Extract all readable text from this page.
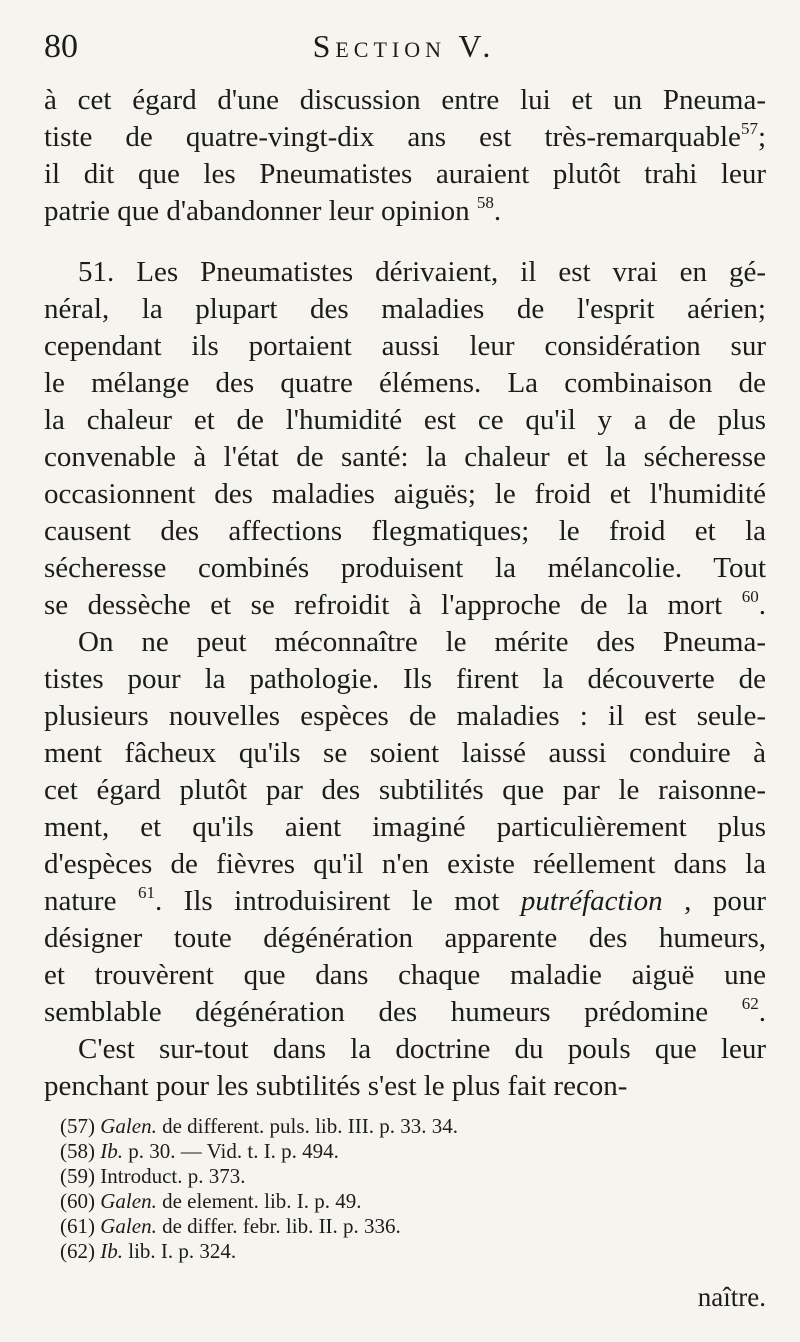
80	Section V.
à cet égard d'une discussion entre lui et un Pneuma-
tiste de quatre-vingt-dix ans est très-remarquable$^{57}$;
il dit que les Pneumatistes auraient plutôt trahi leur
patrie que d'abandonner leur opinion $^{58}$.
51. Les Pneumatistes dérivaient, il est vrai en gé-
néral, la plupart des maladies de l'esprit aérien;
cependant ils portaient aussi leur considération sur
le mélange des quatre élémens. La combinaison de
la chaleur et de l'humidité est ce qu'il y a de plus
convenable à l'état de santé: la chaleur et la sécheresse
occasionnent des maladies aiguës; le froid et l'humidité
causent des affections flegmatiques; le froid et la
sécheresse combinés produisent la mélancolie. Tout
se dessèche et se refroidit à l'approche de la mort $^{60}$.
On ne peut méconnaître le mérite des Pneuma-
tistes pour la pathologie. Ils firent la découverte de
plusieurs nouvelles espèces de maladies : il est seule-
ment fâcheux qu'ils se soient laissé aussi conduire à
cet égard plutôt par des subtilités que par le raisonne-
ment, et qu'ils aient imaginé particulièrement plus
d'espèces de fièvres qu'il n'en existe réellement dans la
nature $^{61}$. Ils introduisirent le mot putréfaction , pour
désigner toute dégénération apparente des humeurs,
et trouvèrent que dans chaque maladie aiguë une
semblable dégénération des humeurs prédomine $^{62}$.
C'est sur-tout dans la doctrine du pouls que leur
penchant pour les subtilités s'est le plus fait recon-
(57) Galen. de different. puls. lib. III. p. 33. 34.
(58) Ib. p. 30. — Vid. t. I. p. 494.
(59) Introduct. p. 373.
(60) Galen. de element. lib. I. p. 49.
(61) Galen. de differ. febr. lib. II. p. 336.
(62) Ib. lib. I. p. 324.
naître.
